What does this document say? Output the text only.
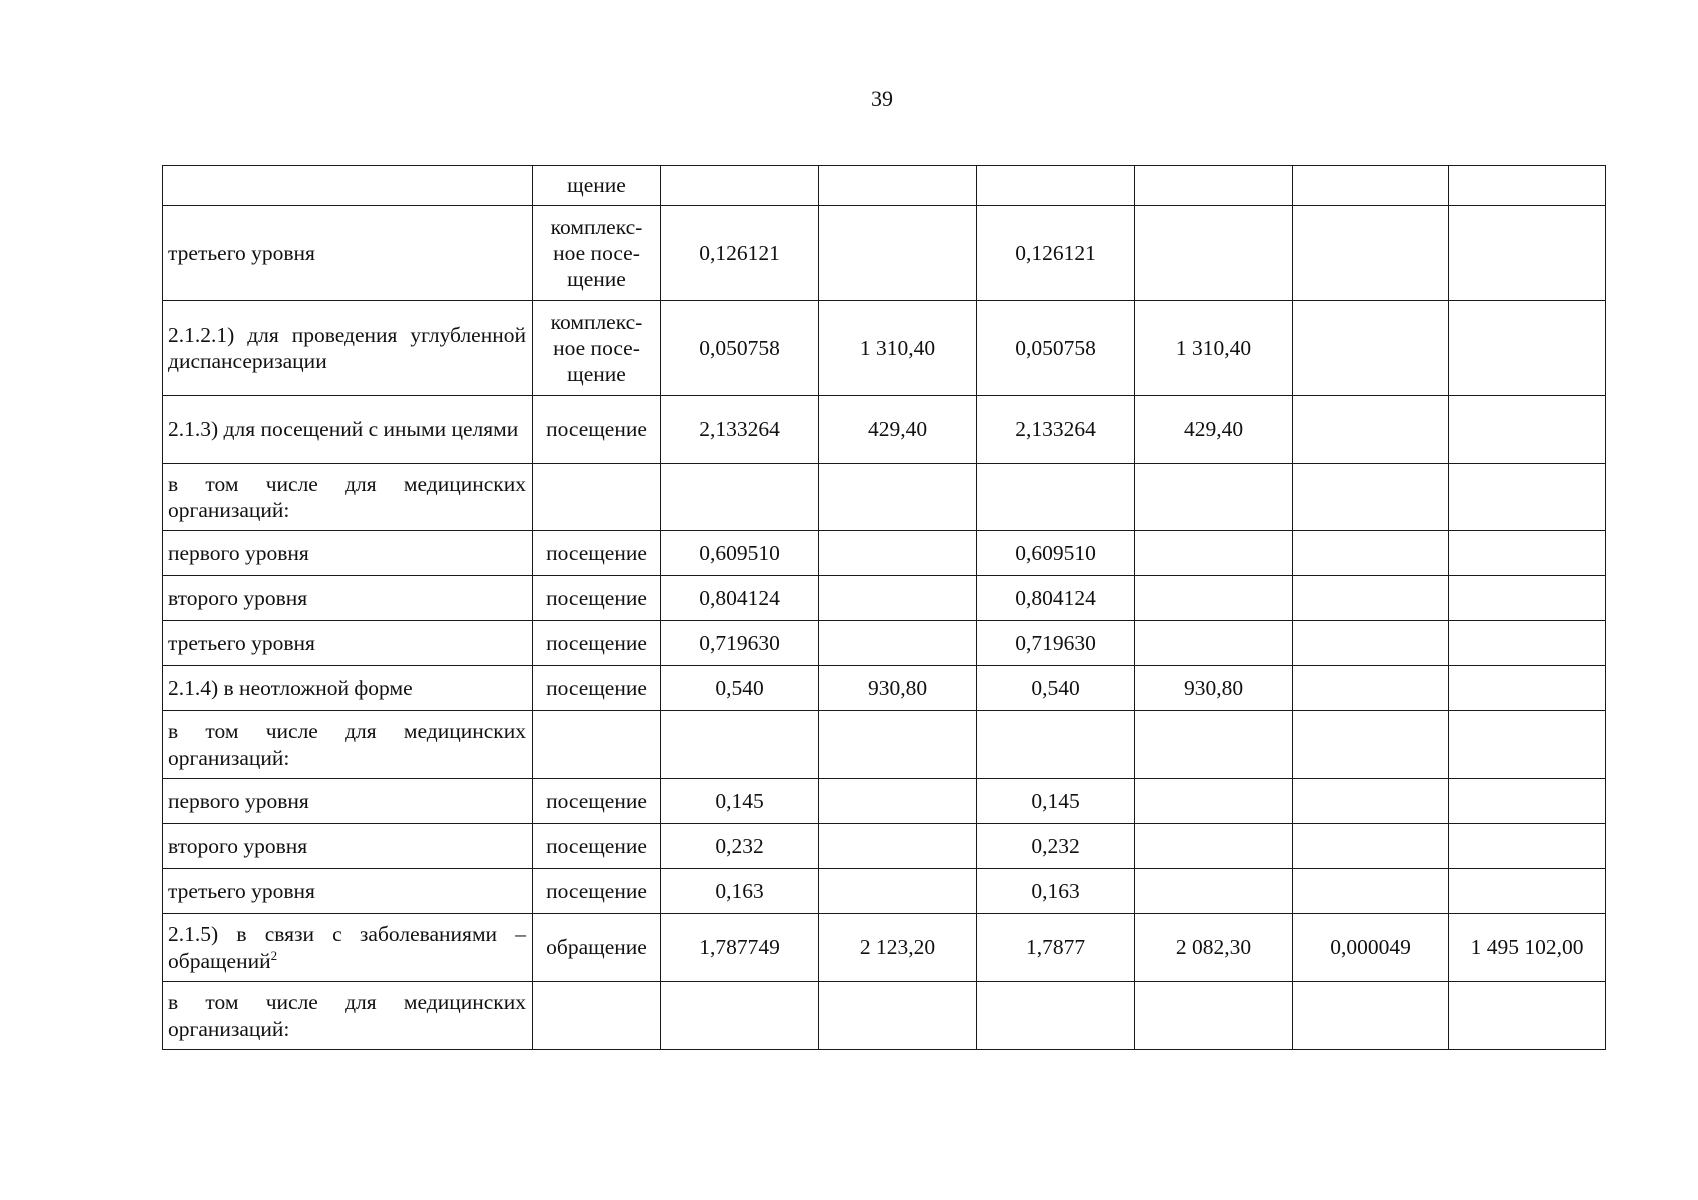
39
	щение						
третьего уровня	комплекс-ное посе-щение	0,126121		0,126121			
2.1.2.1) для проведения углубленной диспансеризации	комплекс-ное посе-щение	0,050758	1 310,40	0,050758	1 310,40		
2.1.3) для посещений с иными целями	посещение	2,133264	429,40	2,133264	429,40		
в том числе для медицинских организаций:							
первого уровня	посещение	0,609510		0,609510			
второго уровня	посещение	0,804124		0,804124			
третьего уровня	посещение	0,719630		0,719630			
2.1.4) в неотложной форме	посещение	0,540	930,80	0,540	930,80		
в том числе для медицинских организаций:							
первого уровня	посещение	0,145		0,145			
второго уровня	посещение	0,232		0,232			
третьего уровня	посещение	0,163		0,163			
2.1.5) в связи с заболеваниями – обращений$^2$	обращение	1,787749	2 123,20	1,7877	2 082,30	0,000049	1 495 102,00
в том числе для медицинских организаций:							
